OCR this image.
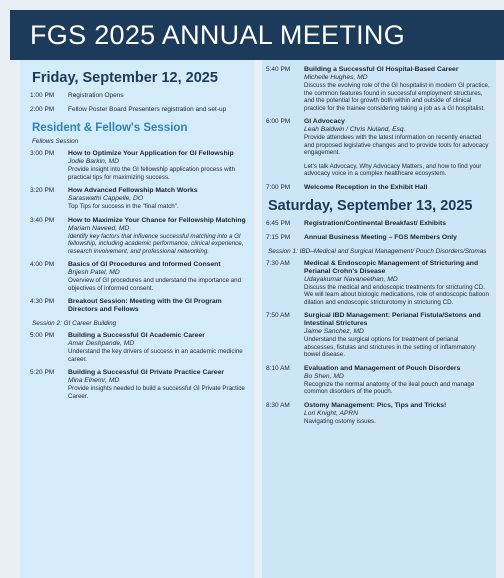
FGS 2025 ANNUAL MEETING
Friday, September 12, 2025
1:00 PM	Registration Opens
2:00 PM	Fellow Poster Board Presenters registration and set-up
Resident & Fellow's Session
Fellows Session
3:00 PM	How to Optimize Your Application for GI Fellowship
Jodie Barkin, MD
Provide insight into the GI fellowship application process with practical tips for maximizing success.
3:20 PM	How Advanced Fellowship Match Works
Saraswathi Cappelle, DO
Top Tips for success in the "final match".
3:40 PM	How to Maximize Your Chance for Fellowship Matching
Mariam Naveed, MD
Identify key factors that influence successful matching into a GI fellowship, including academic performance, clinical experience, research involvement, and professional networking.
4:00 PM	Basics of GI Procedures and Informed Consent
Brijesh Patel, MD
Overview of GI procedures and understand the importance and objectives of informed consent.
4:30 PM	Breakout Session: Meeting with the GI Program Directors and Fellows
Session 2: GI Career Building
5:00 PM	Building a Successful GI Academic Career
Amar Deshpande, MD
Understand the key drivers of success in an academic medicine career.
5:20 PM	Building a Successful GI Private Practice Career
Mina Elnemr, MD
Provide insights needed to build a successful GI Private Practice Career.
5:40 PM	Building a Successful GI Hospital-Based Career
Michelle Hughes, MD
Discuss the evolving role of the GI hospitalist in modern GI practice, the common features found in successful employment structures, and the potential for growth both within and outside of clinical practice for the trainee considering taking a job as a GI hospitalist.
6:00 PM	GI Advocacy
Leah Baldwin / Chris Nuland, Esq.
Provide attendees with the latest information on recently enacted and proposed legislative changes and to provide tools for advocacy engagement.
Let's talk Advocacy, Why Advocacy Matters, and how to find your advocacy voice in a complex healthcare ecosystem.
7:00 PM	Welcome Reception in the Exhibit Hall
Saturday, September 13, 2025
6:45 PM	Registration/Continental Breakfast/ Exhibits
7:15 PM	Annual Business Meeting – FGS Members Only
Session 1: IBD–Medical and Surgical Management/ Pouch Disorders/Stomas
7:30 AM	Medical & Endoscopic Management of Stricturing and Perianal Crohn's Disease
Udayakumar Navaneethan, MD
Discuss the medical and endoscopic treatments for stricturing CD. We will learn about biologic medications, role of endoscopic balloon dilation and endoscopic stricturotomy in stricturing CD.
7:50 AM	Surgical IBD Management: Perianal Fistula/Setons and Intestinal Strictures
Jaime Sanchez, MD
Understand the surgical options for treatment of perianal abscesses, fistulas and strictures in the setting of inflammatory bowel disease.
8:10 AM	Evaluation and Management of Pouch Disorders
Bo Shen, MD
Recognize the normal anatomy of the ileal pouch and manage common disorders of the pouch.
8:30 AM	Ostomy Management: Pics, Tips and Tricks!
Lori Knight, APRN
Navigating ostomy issues.
